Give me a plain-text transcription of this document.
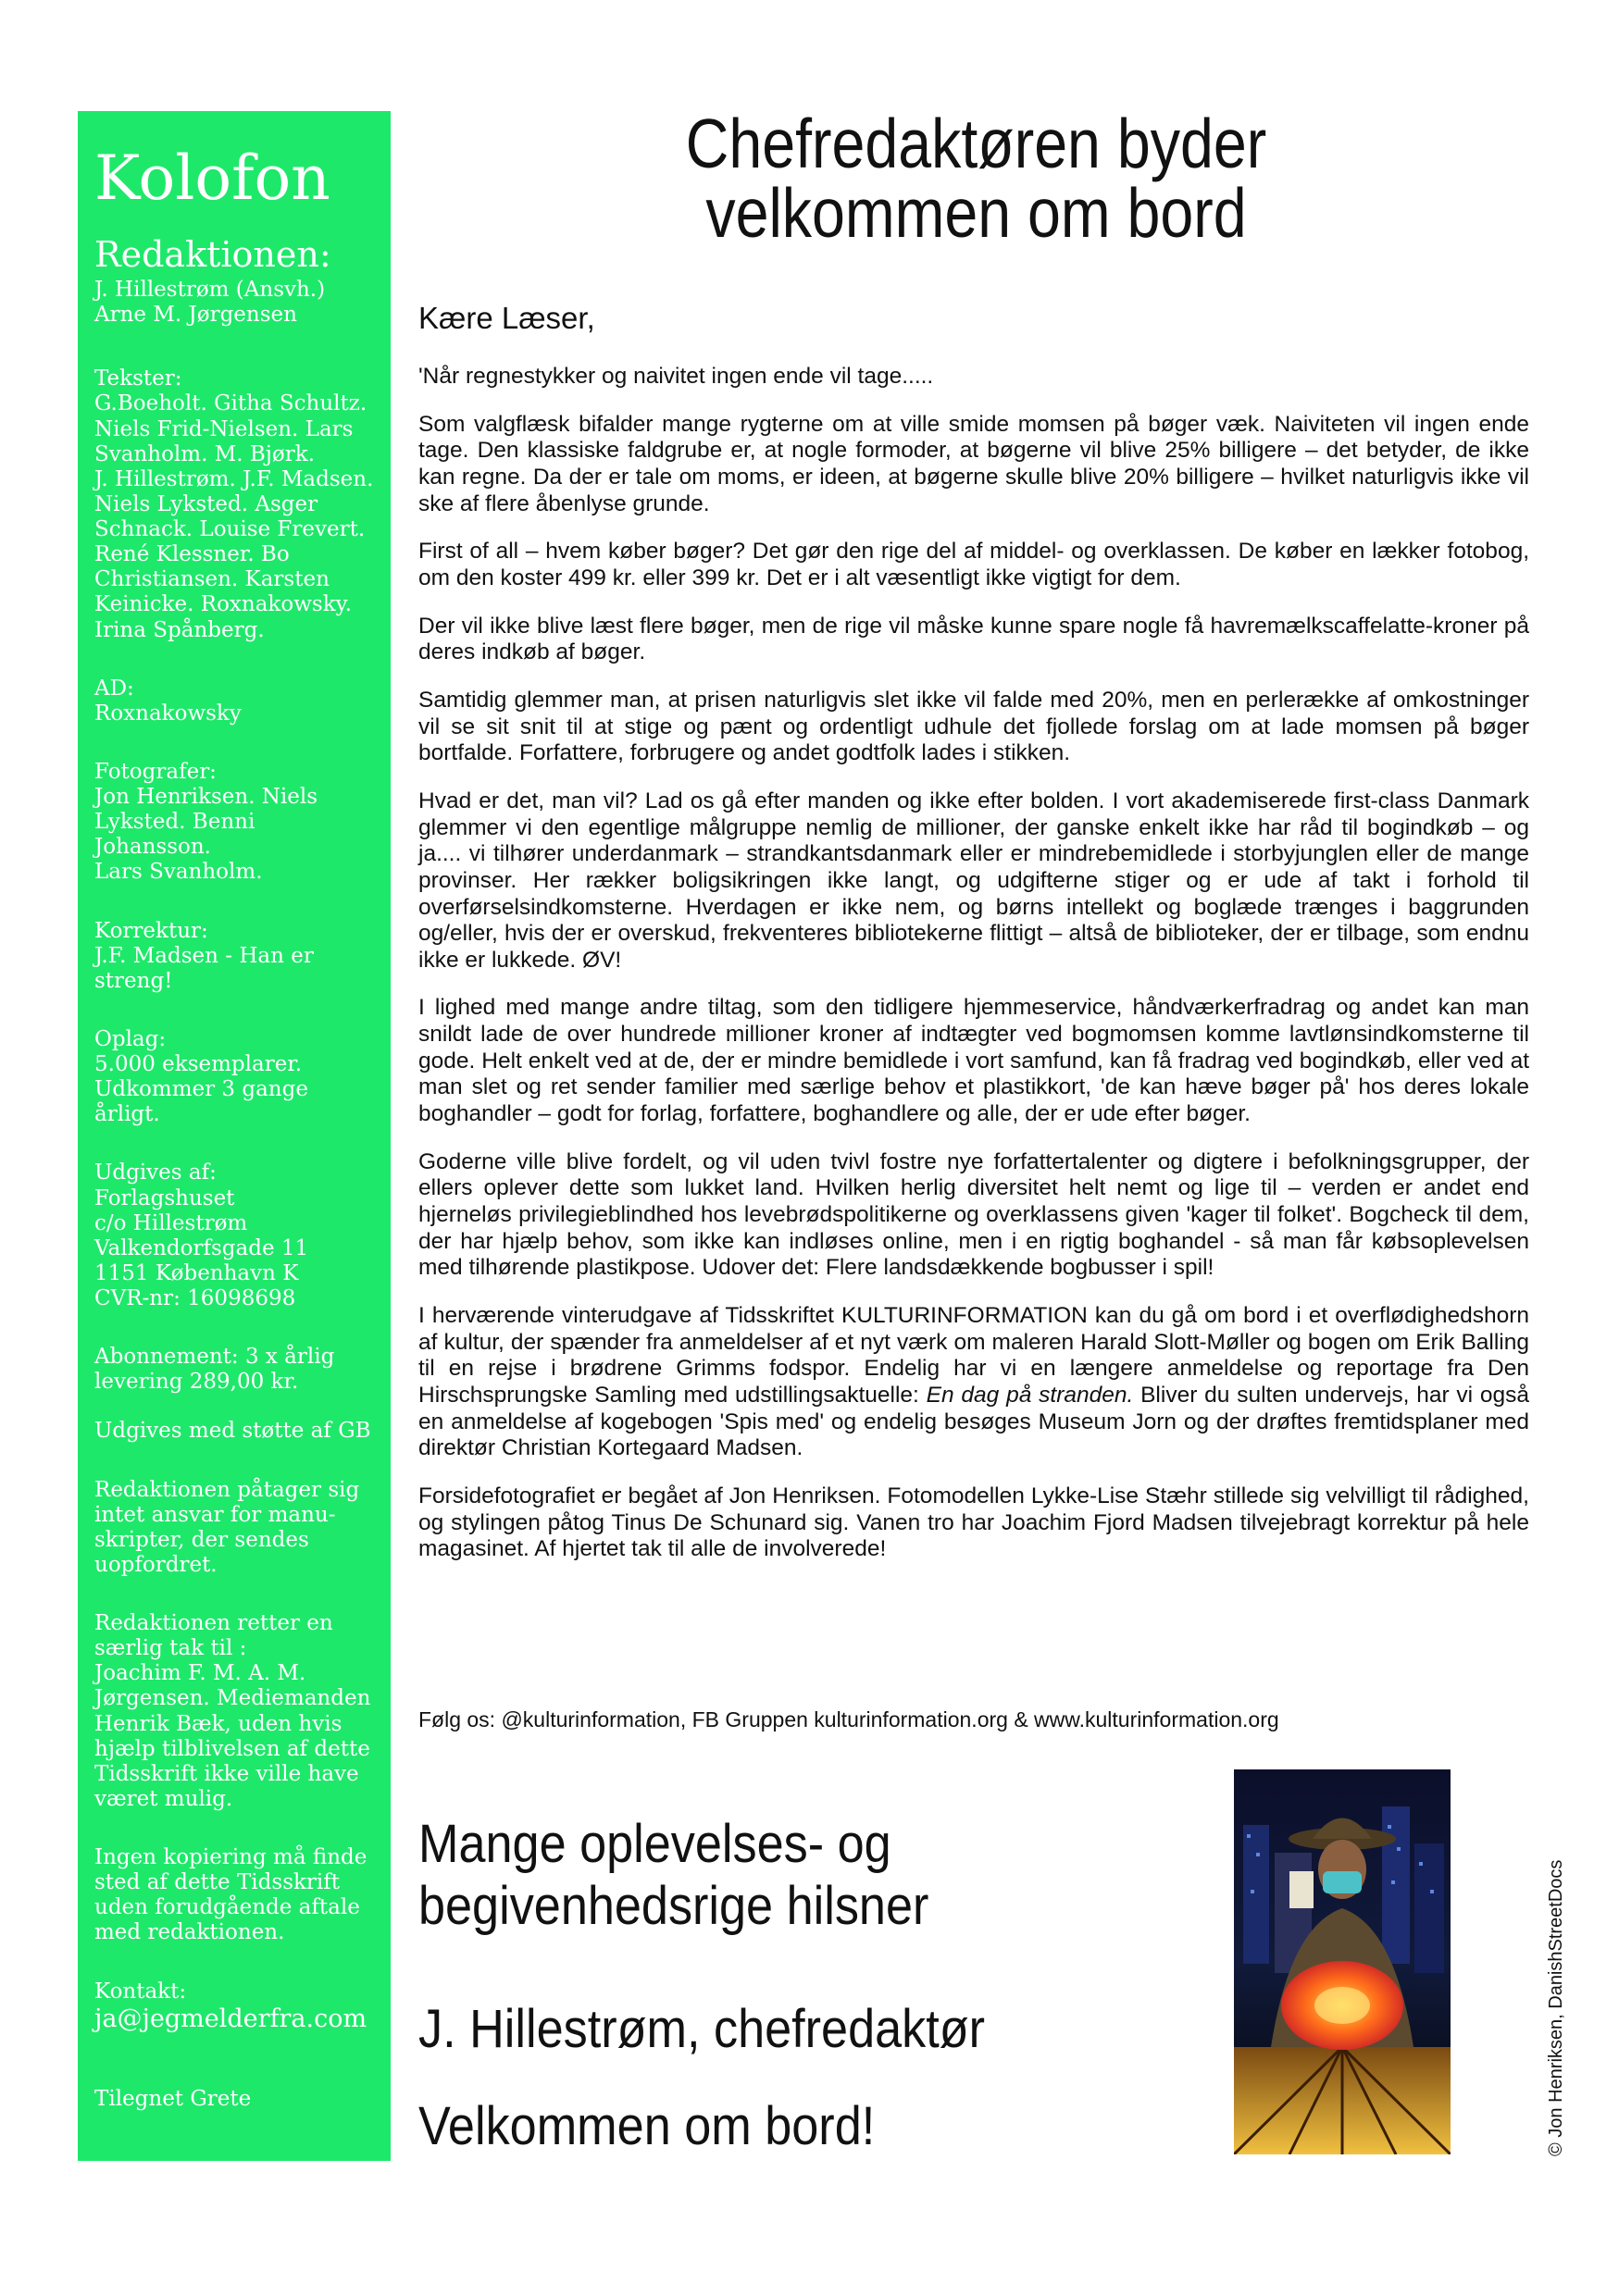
Kolofon
Redaktionen:
J. Hillestrøm (Ansvh.)
Arne M. Jørgensen
Tekster:
G.Boeholt. Githa Schultz.
Niels Frid-Nielsen. Lars
Svanholm. M. Bjørk.
J. Hillestrøm. J.F. Madsen.
Niels Lyksted. Asger
Schnack. Louise Frevert.
René Klessner. Bo
Christiansen. Karsten
Keinicke. Roxnakowsky.
Irina Spånberg.
AD:
Roxnakowsky
Fotografer:
Jon Henriksen. Niels
Lyksted. Benni Johansson.
Lars Svanholm.
Korrektur:
J.F. Madsen - Han er
streng!
Oplag:
5.000 eksemplarer.
Udkommer 3 gange årligt.
Udgives af:
Forlagshuset
c/o Hillestrøm
Valkendorfsgade 11
1151 København K
CVR-nr: 16098698
Abonnement: 3 x årlig
levering 289,00 kr.
Udgives med støtte af GB
Redaktionen påtager sig
intet ansvar for manu-
skripter, der sendes
uopfordret.
Redaktionen retter en
særlig tak til :
Joachim F. M. A. M.
Jørgensen. Mediemanden
Henrik Bæk, uden hvis
hjælp tilblivelsen af dette
Tidsskrift ikke ville have
været mulig.
Ingen kopiering må finde
sted af dette Tidsskrift
uden forudgående aftale
med redaktionen.
Kontakt:
ja@jegmelderfra.com
Tilegnet Grete
ISSN 2794-8625
Chefredaktøren byder
velkommen om bord
Kære Læser,

'Når regnestykker og naivitet ingen ende vil tage.....

Som valgflæsk bifalder mange rygterne om at ville smide momsen på bøger væk. Naiviteten vil ingen ende tage. Den klassiske faldgrube er, at nogle formoder, at bøgerne vil blive 25% billigere – det betyder, de ikke kan regne. Da der er tale om moms, er ideen, at bøgerne skulle blive 20% billigere – hvilket naturligvis ikke vil ske af flere åbenlyse grunde.

First of all – hvem køber bøger? Det gør den rige del af middel- og overklassen. De køber en lækker fotobog, om den koster 499 kr. eller 399 kr. Det er i alt væsentligt ikke vigtigt for dem.

Der vil ikke blive læst flere bøger, men de rige vil måske kunne spare nogle få havremælkscaffelatte-kroner på deres indkøb af bøger.

Samtidig glemmer man, at prisen naturligvis slet ikke vil falde med 20%, men en perlerække af omkostninger vil se sit snit til at stige og pænt og ordentligt udhule det fjollede forslag om at lade momsen på bøger bortfalde. Forfattere, forbrugere og andet godtfolk lades i stikken.

Hvad er det, man vil? Lad os gå efter manden og ikke efter bolden. I vort akademiserede first-class Danmark glemmer vi den egentlige målgruppe nemlig de millioner, der ganske enkelt ikke har råd til bogindkøb – og ja.... vi tilhører underdanmark – strandkantsdanmark eller er mindrebemidlede i storbyjunglen eller de mange provinser. Her rækker boligsikringen ikke langt, og udgifterne stiger og er ude af takt i forhold til overførselsindkomsterne. Hverdagen er ikke nem, og børns intellekt og boglæde trænges i baggrunden og/eller, hvis der er overskud, frekventeres bibliotekerne flittigt – altså de biblioteker, der er tilbage, som endnu ikke er lukkede. ØV!

I lighed med mange andre tiltag, som den tidligere hjemmeservice, håndværkerfradrag og andet kan man snildt lade de over hundrede millioner kroner af indtægter ved bogmomsen komme lavtlønsindkomsterne til gode. Helt enkelt ved at de, der er mindre bemidlede i vort samfund, kan få fradrag ved bogindkøb, eller ved at man slet og ret sender familier med særlige behov et plastikkort, 'de kan hæve bøger på' hos deres lokale boghandler – godt for forlag, forfattere, boghandlere og alle, der er ude efter bøger.

Goderne ville blive fordelt, og vil uden tvivl fostre nye forfattertalenter og digtere i befolkningsgrupper, der ellers oplever dette som lukket land. Hvilken herlig diversitet helt nemt og lige til – verden er andet end hjerneløs privilegieblindhed hos levebrødspolitikerne og overklassens given 'kager til folket'. Bogcheck til dem, der har hjælp behov, som ikke kan indløses online, men i en rigtig boghandel - så man får købsoplevelsen med tilhørende plastikpose. Udover det: Flere landsdækkende bogbusser i spil!

I herværende vinterudgave af Tidsskriftet KULTURINFORMATION kan du gå om bord i et overflødighedshorn af kultur, der spænder fra anmeldelser af et nyt værk om maleren Harald Slott-Møller og bogen om Erik Balling til en rejse i brødrene Grimms fodspor. Endelig har vi en længere anmeldelse og reportage fra Den Hirschsprungske Samling med udstillingsaktuelle: En dag på stranden. Bliver du sulten undervejs, har vi også en anmeldelse af kogebogen 'Spis med' og endelig besøges Museum Jorn og der drøftes fremtidsplaner med direktør Christian Kortegaard Madsen.

Forsidefotografiet er begået af Jon Henriksen. Fotomodellen Lykke-Lise Stæhr stillede sig velvilligt til rådighed, og stylingen påtog Tinus De Schunard sig. Vanen tro har Joachim Fjord Madsen tilvejebragt korrektur på hele magasinet. Af hjertet tak til alle de involverede!

Følg os: @kulturinformation, FB Gruppen kulturinformation.org & www.kulturinformation.org
Mange oplevelses- og
begivenhedsrige hilsner
J. Hillestrøm, chefredaktør
Velkommen om bord!	© Jon Henriksen, DanishStreetDocs
